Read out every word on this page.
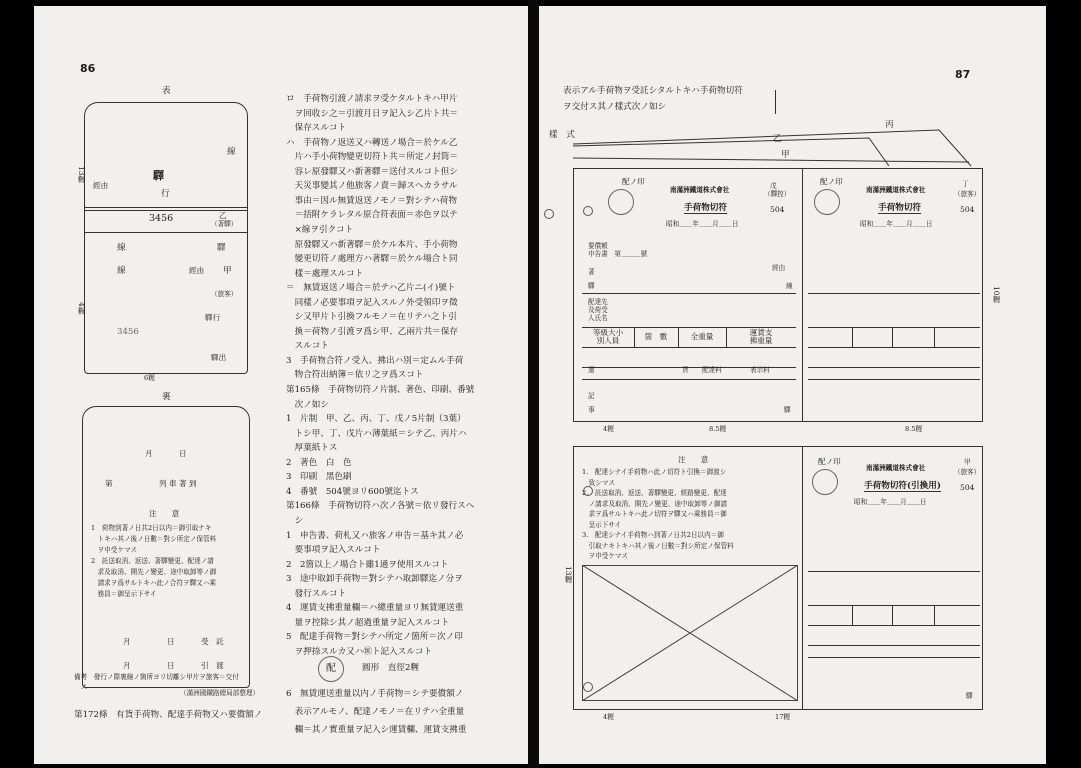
86
表
線
驛
經由
行
3456	乙
（著驛）
線	驛
線	經由 甲
（旅客）
驛行
3456
驛出
13糎
4糎
6糎
裏
月	日
第	列 車 著 到
注　　意
1　荷物到著ノ日共2日以内＝御引取ナキ
　トキハ其ノ後ノ日數＝對シ所定ノ保管料
　ヲ申受ケマス
2　託送取消、返送、著驛變更、配達ノ請
　求及取消、開先ノ變更、途中取卸等ノ御
　請求ヲ爲サルトキハ此ノ合符ヲ驛又ハ乘
　務員＝御呈示下サイ
月	日	受　託
月	日	引　渡
備考　發行ノ際裏線ノ箇所ヨリ切離シ甲片ヲ旅客＝交付
　ス
（滿洲國鐵路總局部整理）
第172條　有貨手荷物、配達手荷物又ハ要償額ノ
ロ　手荷物引渡ノ請求ヲ受ケタルトキハ甲片
　ヲ回收シ之＝引渡月日ヲ記入シ乙片ト共＝
　保存スルコト
ハ　手荷物ノ返送又ハ轉送ノ場合＝於ケル乙
　片ハ手小荷物變更切符ト共＝所定ノ封筒＝
　容レ原發驛又ハ新著驛＝送付スルコト但シ
　天災事變其ノ他旅客ノ責＝歸スヘカラサル
　事由＝因ル無賃返送ノモノ＝對シテハ荷物
　＝括附ケラレタル原合符表面＝赤色ヲ以テ
　×線ヲ引クコト
　原發驛又ハ新著驛＝於ケル本片、手小荷物
　變更切符ノ處理方ハ著驛＝於ケル場合ト同
　樣＝處理スルコト
＝　無賃返送ノ場合＝於テハ乙片ニ(イ)號ト
　同樣ノ必要事項ヲ記入スルノ外受領印ヲ徵
　シ又甲片ト引換フルモノ＝在リテハ之ト引
　換＝荷物ノ引渡ヲ爲シ甲、乙兩片共＝保存
　スルコト
3　手荷物合符ノ受入、拂出ハ別＝定ムル手荷
　物合符出納簿＝依リ之ヲ爲スコト
第165條　手荷物切符ノ片制、著色、印刷、番號
　次ノ如シ
1　片制　甲、乙、丙、丁、戊ノ5片制（3葉）
　トシ甲、丁、戊片ハ薄葉紙＝シテ乙、丙片ハ
　厚葉紙トス
2　著色　白　色
3　印刷　黑色刷
4　番號　504號ヨリ600號迄トス
第166條　手荷物切符ハ次ノ各號＝依リ發行スヘ
　シ
1　申告書、荷札又ハ旅客ノ申告＝基キ其ノ必
　要事項ヲ記入スルコト
2　2箇以上ノ場合ト雖1通ヲ使用スルコト
3　途中取卸手荷物＝對シテハ取卸驛迄ノ分ヲ
　發行スルコト
4　運賃支拂重量欄＝ハ總重量ヨリ無賃運送重
　量ヲ控除シ其ノ超過重量ヲ記入スルコト
5　配達手荷物＝對シテハ所定ノ箇所＝次ノ印
　ヲ押捺スルカ又ハ㊩ト記入スルコト
配	圓形　直徑2糎
6　無賃運送重量以内ノ手荷物＝シテ要償額ノ
　表示アルモノ、配達ノモノ＝在リテハ全重量
　欄＝其ノ實重量ヲ記入シ運賃欄、運賃支拂重
表示アル手荷物ヲ受託シタルトキハ手荷物切符
ヲ交付ス其ノ樣式次ノ如シ
87
樣　式
丙
乙
甲
配ノ印
南滿洲鐵道株式會社	戊
（驛控）
手荷物切符	504
昭和＿＿年＿＿月＿＿日
要償額
申告書　第＿＿＿號
著	經由
驛	線
配達先
及荷受
人氏名
等級大小
別人員	箇　數	全重量	運賃支
拂重量
運	賃 配達料	表示料
記
事	驛
配ノ印
南滿洲鐵道株式會社
丁
（旅客）
手荷物切符	504
昭和＿＿年＿＿月＿＿日
4糎	8.5糎	8.5糎
10糎
注　　意
1.　配達シナイ手荷物ハ此ノ切符ト引換＝御渡シ
　致シマス
2.　託送取消、返送、著驛變更、經路變更、配達
　ノ請求及取消、開先ノ變更、途中取卸等ノ御請
　求ヲ爲サルトキハ此ノ切符ヲ驛又ハ乘務員＝御
　呈示下サイ
3.　配達シナイ手荷物ハ到著ノ日共2日以内＝御
　引取ナキトキハ其ノ後ノ日數＝對シ所定ノ保管料
　ヲ申受ケマス
配ノ印
南滿洲鐵道株式會社
甲
（旅客）
手荷物切符(引換用)	504
昭和＿＿年＿＿月＿＿日
驛
4糎	17糎
13糎
